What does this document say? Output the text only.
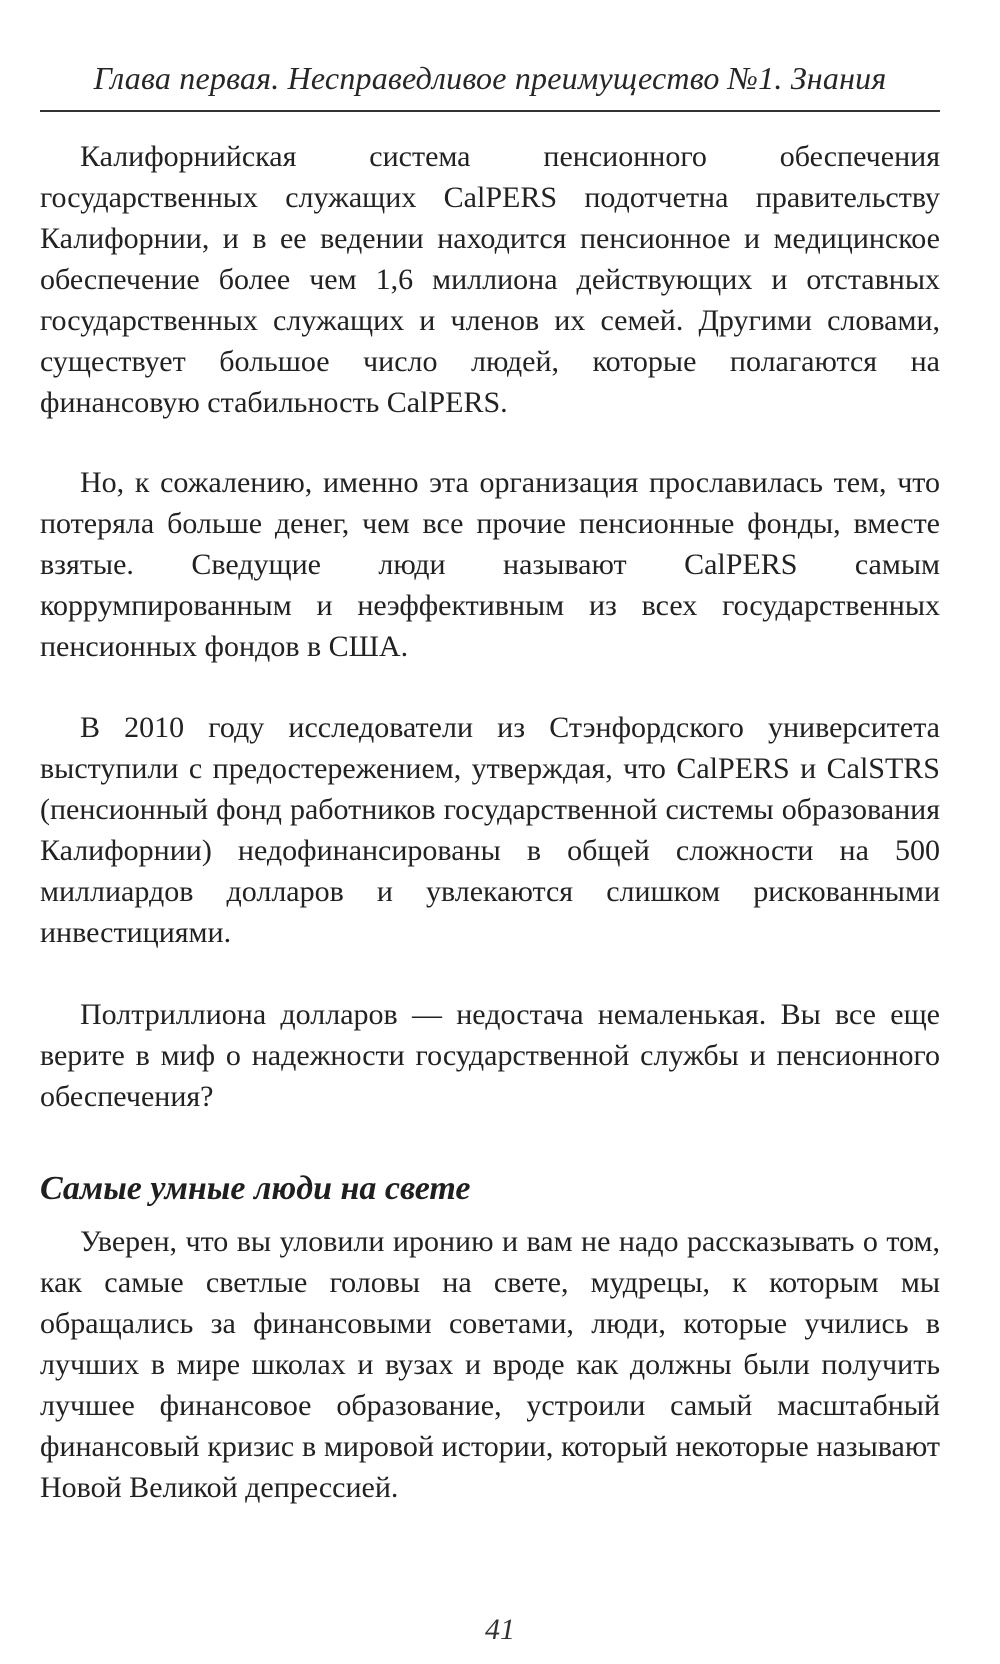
Глава первая. Несправедливое преимущество №1. Знания

Калифорнийская система пенсионного обеспечения государственных служащих CalPERS подотчетна правительству Калифорнии, и в ее ведении находится пенсионное и медицинское обеспечение более чем 1,6 миллиона действующих и отставных государственных служащих и членов их семей. Другими словами, существует большое число людей, которые полагаются на финансовую стабильность CalPERS.

Но, к сожалению, именно эта организация прославилась тем, что потеряла больше денег, чем все прочие пенсионные фонды, вместе взятые. Сведущие люди называют CalPERS самым коррумпированным и неэффективным из всех государственных пенсионных фондов в США.

В 2010 году исследователи из Стэнфордского университета выступили с предостережением, утверждая, что CalPERS и CalSTRS (пенсионный фонд работников государственной системы образования Калифорнии) недофинансированы в общей сложности на 500 миллиардов долларов и увлекаются слишком рискованными инвестициями.

Полтриллиона долларов — недостача немаленькая. Вы все еще верите в миф о надежности государственной службы и пенсионного обеспечения?

Самые умные люди на свете

Уверен, что вы уловили иронию и вам не надо рассказывать о том, как самые светлые головы на свете, мудрецы, к которым мы обращались за финансовыми советами, люди, которые учились в лучших в мире школах и вузах и вроде как должны были получить лучшее финансовое образование, устроили самый масштабный финансовый кризис в мировой истории, который некоторые называют Новой Великой депрессией.

41
